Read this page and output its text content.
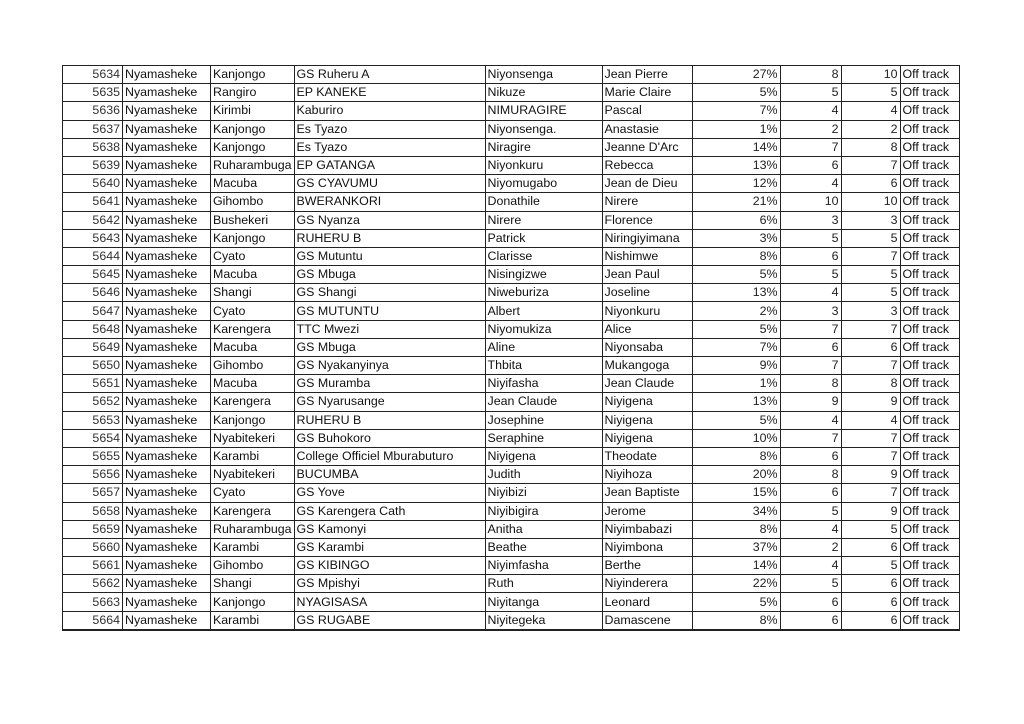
5634	Nyamasheke	Kanjongo	GS Ruheru A	Niyonsenga	Jean Pierre	27%	8	10	Off track
5635	Nyamasheke	Rangiro	EP KANEKE	Nikuze	Marie Claire	5%	5	5	Off track
5636	Nyamasheke	Kirimbi	Kaburiro	NIMURAGIRE	Pascal	7%	4	4	Off track
5637	Nyamasheke	Kanjongo	Es Tyazo	Niyonsenga.	Anastasie	1%	2	2	Off track
5638	Nyamasheke	Kanjongo	Es Tyazo	Niragire	Jeanne D'Arc	14%	7	8	Off track
5639	Nyamasheke	Ruharambuga	EP GATANGA	Niyonkuru	Rebecca	13%	6	7	Off track
5640	Nyamasheke	Macuba	GS CYAVUMU	Niyomugabo	Jean de Dieu	12%	4	6	Off track
5641	Nyamasheke	Gihombo	BWERANKORI	Donathile	Nirere	21%	10	10	Off track
5642	Nyamasheke	Bushekeri	GS Nyanza	Nirere	Florence	6%	3	3	Off track
5643	Nyamasheke	Kanjongo	RUHERU B	Patrick	Niringiyimana	3%	5	5	Off track
5644	Nyamasheke	Cyato	GS Mutuntu	Clarisse	Nishimwe	8%	6	7	Off track
5645	Nyamasheke	Macuba	GS Mbuga	Nisingizwe	Jean Paul	5%	5	5	Off track
5646	Nyamasheke	Shangi	GS Shangi	Niweburiza	Joseline	13%	4	5	Off track
5647	Nyamasheke	Cyato	GS MUTUNTU	Albert	Niyonkuru	2%	3	3	Off track
5648	Nyamasheke	Karengera	TTC Mwezi	Niyomukiza	Alice	5%	7	7	Off track
5649	Nyamasheke	Macuba	GS Mbuga	Aline	Niyonsaba	7%	6	6	Off track
5650	Nyamasheke	Gihombo	GS Nyakanyinya	Thbita	Mukangoga	9%	7	7	Off track
5651	Nyamasheke	Macuba	GS Muramba	Niyifasha	Jean Claude	1%	8	8	Off track
5652	Nyamasheke	Karengera	GS Nyarusange	Jean Claude	Niyigena	13%	9	9	Off track
5653	Nyamasheke	Kanjongo	RUHERU B	Josephine	Niyigena	5%	4	4	Off track
5654	Nyamasheke	Nyabitekeri	GS Buhokoro	Seraphine	Niyigena	10%	7	7	Off track
5655	Nyamasheke	Karambi	College Officiel Mburabuturo	Niyigena	Theodate	8%	6	7	Off track
5656	Nyamasheke	Nyabitekeri	BUCUMBA	Judith	Niyihoza	20%	8	9	Off track
5657	Nyamasheke	Cyato	GS Yove	Niyibizi	Jean Baptiste	15%	6	7	Off track
5658	Nyamasheke	Karengera	GS Karengera Cath	Niyibigira	Jerome	34%	5	9	Off track
5659	Nyamasheke	Ruharambuga	GS Kamonyi	Anitha	Niyimbabazi	8%	4	5	Off track
5660	Nyamasheke	Karambi	GS Karambi	Beathe	Niyimbona	37%	2	6	Off track
5661	Nyamasheke	Gihombo	GS KIBINGO	Niyimfasha	Berthe	14%	4	5	Off track
5662	Nyamasheke	Shangi	GS Mpishyi	Ruth	Niyinderera	22%	5	6	Off track
5663	Nyamasheke	Kanjongo	NYAGISASA	Niyitanga	Leonard	5%	6	6	Off track
5664	Nyamasheke	Karambi	GS RUGABE	Niyitegeka	Damascene	8%	6	6	Off track
